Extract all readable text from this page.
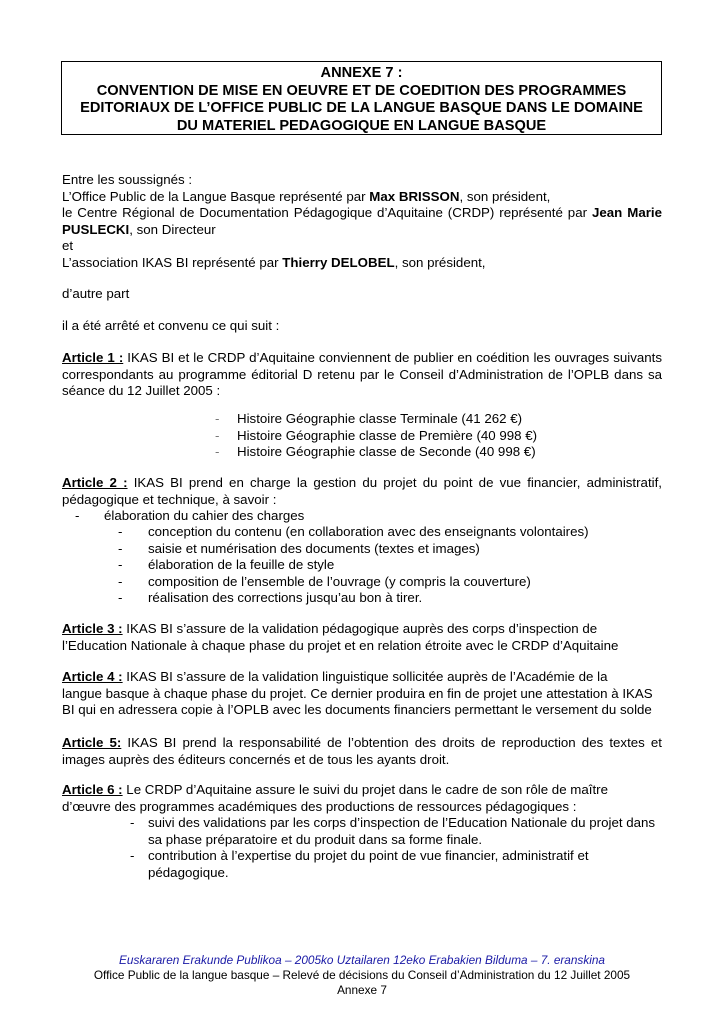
ANNEXE 7 :
CONVENTION DE MISE EN OEUVRE ET DE COEDITION DES PROGRAMMES
EDITORIAUX DE L’OFFICE PUBLIC DE LA LANGUE BASQUE DANS LE DOMAINE
DU MATERIEL PEDAGOGIQUE EN LANGUE BASQUE
Entre les soussignés :
L’Office Public de la Langue Basque représenté par Max BRISSON, son président,
le Centre Régional de Documentation Pédagogique d’Aquitaine (CRDP) représenté par Jean Marie PUSLECKI, son Directeur
et
L’association IKAS BI représenté par Thierry DELOBEL, son président,
d’autre part
il a été arrêté et convenu ce qui suit :
Article 1 : IKAS BI et le CRDP d’Aquitaine conviennent de publier en coédition les ouvrages suivants correspondants au programme éditorial D retenu par le Conseil d’Administration de l’OPLB dans sa séance du 12 Juillet 2005 :
-	Histoire Géographie classe Terminale (41 262 €)
-	Histoire Géographie classe de Première (40 998 €)
-	Histoire Géographie classe de Seconde (40 998 €)
Article 2 : IKAS BI prend en charge la gestion du projet du point de vue financier, administratif, pédagogique et technique, à savoir :
-	élaboration du cahier des charges
-	conception du contenu (en collaboration avec des enseignants volontaires)
-	saisie et numérisation des documents (textes et images)
-	élaboration de la feuille de style
-	composition de l’ensemble de l’ouvrage (y compris la couverture)
-	réalisation des corrections jusqu’au bon à tirer.
Article 3 : IKAS BI s’assure de la validation pédagogique auprès des corps d’inspection de
l’Education Nationale à chaque phase du projet et en relation étroite avec le CRDP d’Aquitaine
Article 4 : IKAS BI s’assure de la validation linguistique sollicitée auprès de l’Académie de la
langue basque à chaque phase du projet. Ce dernier produira en fin de projet une attestation à IKAS
BI qui en adressera copie à l’OPLB avec les documents financiers permettant le versement du solde
Article 5: IKAS BI prend la responsabilité de l’obtention des droits de reproduction des textes et images auprès des éditeurs concernés et de tous les ayants droit.
Article 6 : Le CRDP d’Aquitaine assure le suivi du projet dans le cadre de son rôle de maître
d’œuvre des programmes académiques des productions de ressources pédagogiques :
-	suivi des validations par les corps d’inspection de l’Education Nationale du projet dans sa phase préparatoire et du produit dans sa forme finale.
-	contribution à l’expertise du projet du point de vue financier, administratif et pédagogique.
Euskararen Erakunde Publikoa – 2005ko Uztailaren 12eko Erabakien Bilduma – 7. eranskina
Office Public de la langue basque – Relevé de décisions du Conseil d’Administration du 12 Juillet 2005
Annexe 7
